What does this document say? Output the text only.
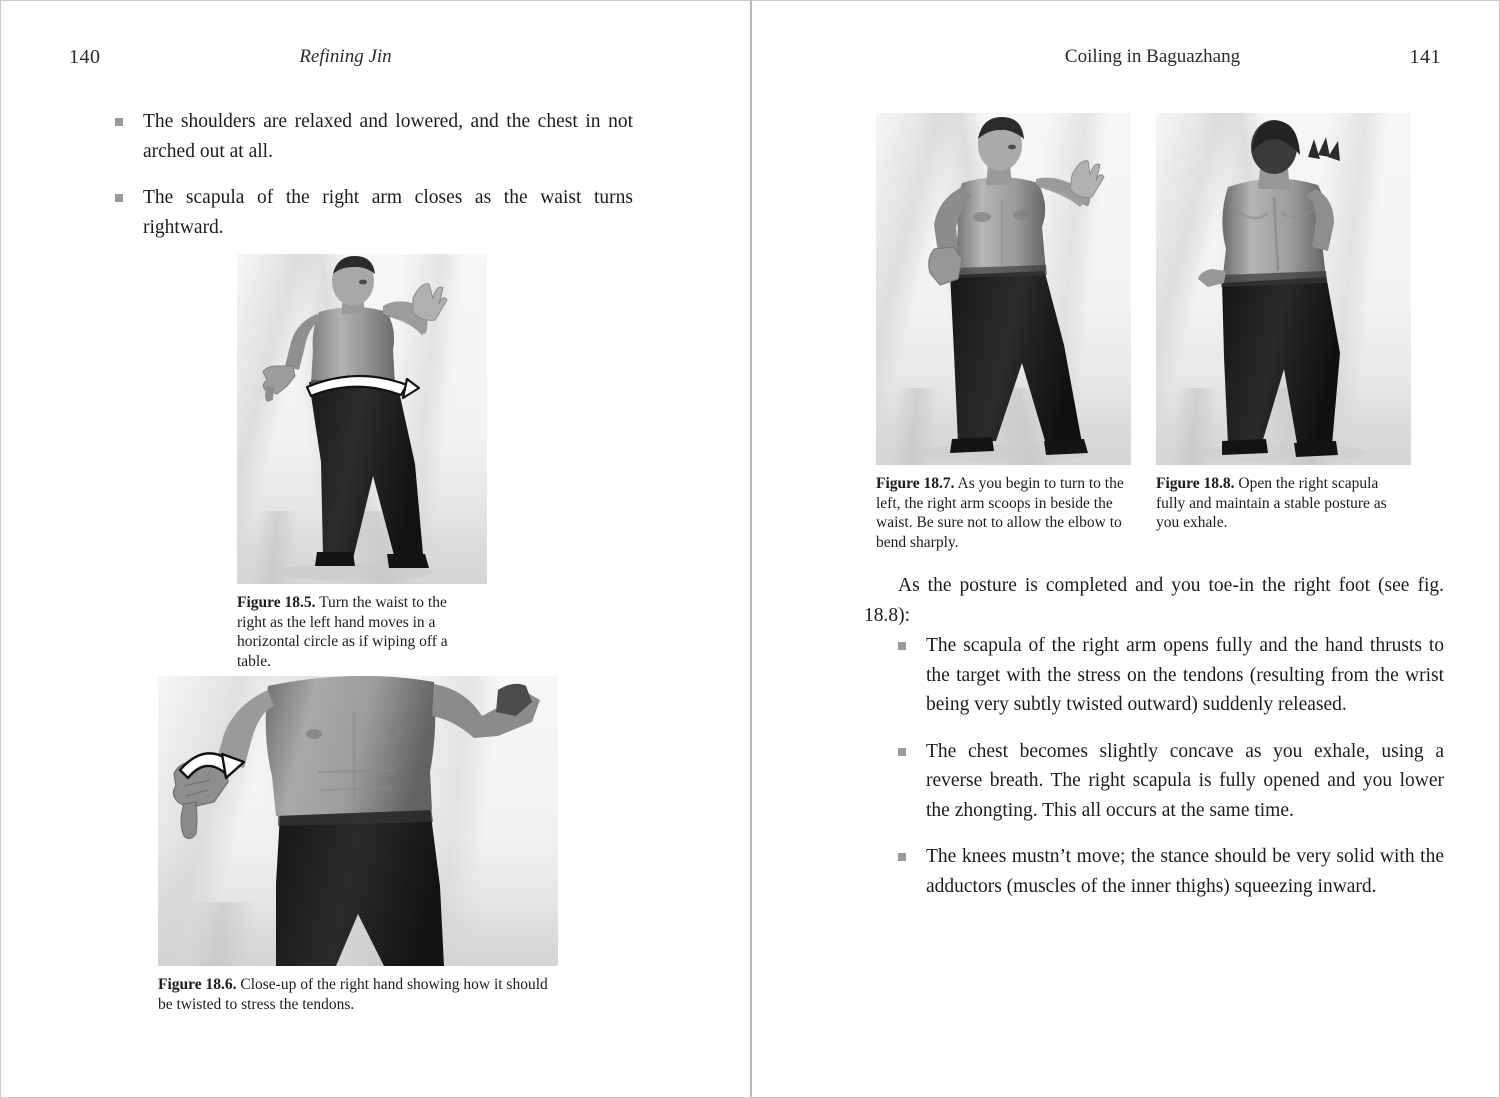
140	Refining Jin
The shoulders are relaxed and lowered, and the chest in not arched out at all.
The scapula of the right arm closes as the waist turns rightward.
Figure 18.5. Turn the waist to the right as the left hand moves in a horizontal circle as if wiping off a table.
Figure 18.6. Close-up of the right hand showing how it should be twisted to stress the tendons.
Coiling in Baguazhang	141
Figure 18.7. As you begin to turn to the left, the right arm scoops in beside the waist. Be sure not to allow the elbow to bend sharply.
Figure 18.8. Open the right scapula fully and maintain a stable posture as you exhale.

As the posture is completed and you toe-in the right foot (see fig. 18.8):

The scapula of the right arm opens fully and the hand thrusts to the target with the stress on the tendons (resulting from the wrist being very subtly twisted outward) suddenly released.
The chest becomes slightly concave as you exhale, using a reverse breath. The right scapula is fully opened and you lower the zhongting. This all occurs at the same time.
The knees mustn’t move; the stance should be very solid with the adductors (muscles of the inner thighs) squeezing inward.
